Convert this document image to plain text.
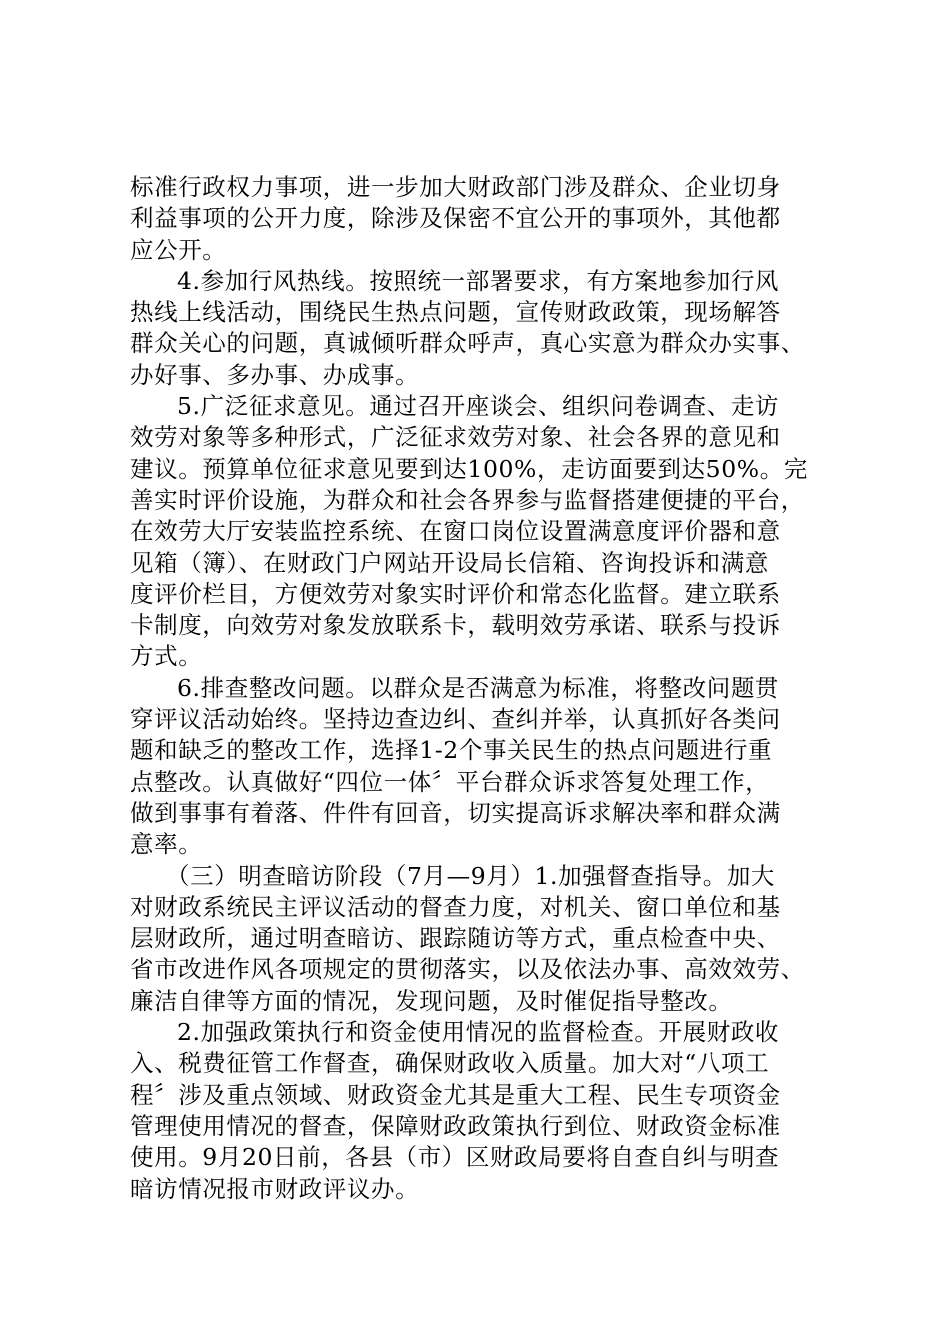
标准行政权力事项，进一步加大财政部门涉及群众、企业切身
利益事项的公开力度，除涉及保密不宜公开的事项外，其他都
应公开。
4.参加行风热线。按照统一部署要求，有方案地参加行风
热线上线活动，围绕民生热点问题，宣传财政政策，现场解答
群众关心的问题，真诚倾听群众呼声，真心实意为群众办实事、
办好事、多办事、办成事。
5.广泛征求意见。通过召开座谈会、组织问卷调查、走访
效劳对象等多种形式，广泛征求效劳对象、社会各界的意见和
建议。预算单位征求意见要到达100%，走访面要到达50%。完
善实时评价设施，为群众和社会各界参与监督搭建便捷的平台，
在效劳大厅安装监控系统、在窗口岗位设置满意度评价器和意
见箱（簿）、在财政门户网站开设局长信箱、咨询投诉和满意
度评价栏目，方便效劳对象实时评价和常态化监督。建立联系
卡制度，向效劳对象发放联系卡，载明效劳承诺、联系与投诉
方式。
6.排查整改问题。以群众是否满意为标准，将整改问题贯
穿评议活动始终。坚持边查边纠、查纠并举，认真抓好各类问
题和缺乏的整改工作，选择1-2个事关民生的热点问题进行重
点整改。认真做好“四位一体〞平台群众诉求答复处理工作，
做到事事有着落、件件有回音，切实提高诉求解决率和群众满
意率。
（三）明查暗访阶段（7月—9月）1.加强督查指导。加大
对财政系统民主评议活动的督查力度，对机关、窗口单位和基
层财政所，通过明查暗访、跟踪随访等方式，重点检查中央、
省市改进作风各项规定的贯彻落实，以及依法办事、高效效劳、
廉洁自律等方面的情况，发现问题，及时催促指导整改。
2.加强政策执行和资金使用情况的监督检查。开展财政收
入、税费征管工作督查，确保财政收入质量。加大对“八项工
程〞涉及重点领域、财政资金尤其是重大工程、民生专项资金
管理使用情况的督查，保障财政政策执行到位、财政资金标准
使用。9月20日前，各县（市）区财政局要将自查自纠与明查
暗访情况报市财政评议办。
